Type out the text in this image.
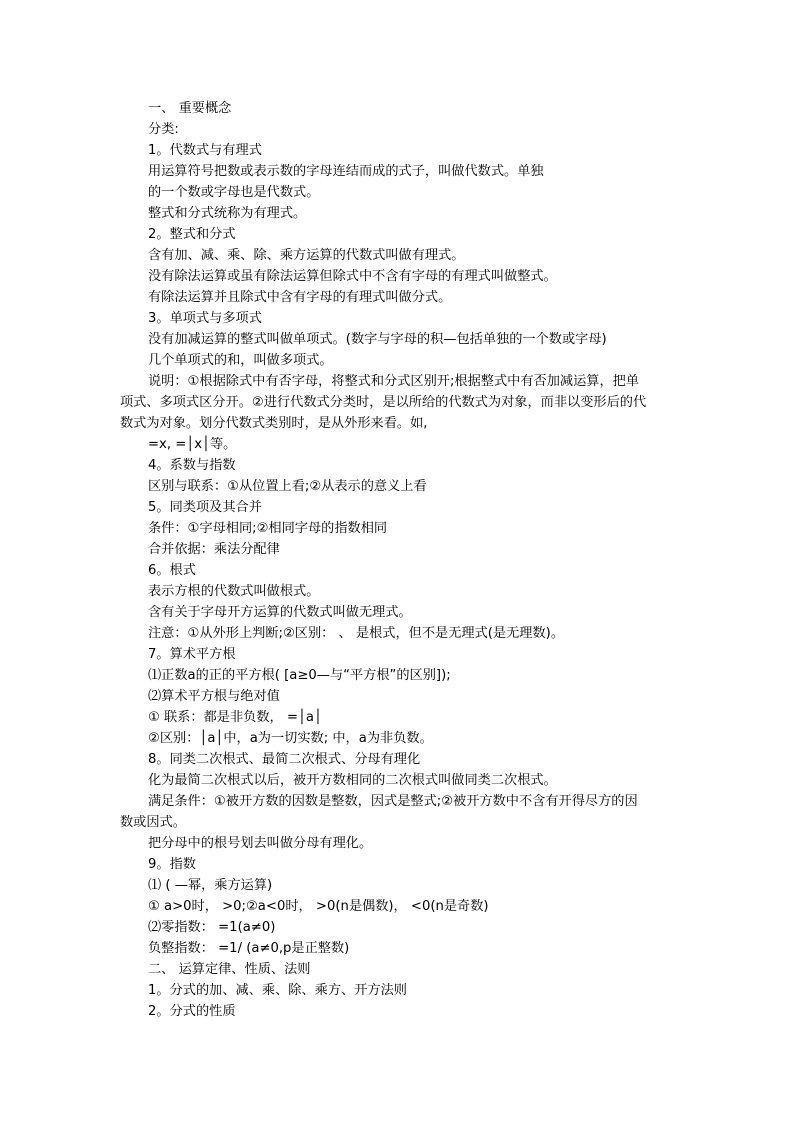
一、 重要概念
分类:
1。代数式与有理式
用运算符号把数或表示数的字母连结而成的式子，叫做代数式。单独
的一个数或字母也是代数式。
整式和分式统称为有理式。
2。整式和分式
含有加、减、乘、除、乘方运算的代数式叫做有理式。
没有除法运算或虽有除法运算但除式中不含有字母的有理式叫做整式。
有除法运算并且除式中含有字母的有理式叫做分式。
3。单项式与多项式
没有加减运算的整式叫做单项式。(数字与字母的积—包括单独的一个数或字母)
几个单项式的和，叫做多项式。
说明：①根据除式中有否字母，将整式和分式区别开;根据整式中有否加减运算，把单
项式、多项式区分开。②进行代数式分类时，是以所给的代数式为对象，而非以变形后的代
数式为对象。划分代数式类别时，是从外形来看。如,
=x, =│x│等。
4。系数与指数
区别与联系：①从位置上看;②从表示的意义上看
5。同类项及其合并
条件：①字母相同;②相同字母的指数相同
合并依据：乘法分配律
6。根式
表示方根的代数式叫做根式。
含有关于字母开方运算的代数式叫做无理式。
注意：①从外形上判断;②区别： 、 是根式，但不是无理式(是无理数)。
7。算术平方根
⑴正数a的正的平方根( [a≥0—与“平方根”的区别]);
⑵算术平方根与绝对值
① 联系：都是非负数， =│a│
②区别：│a│中，a为一切实数; 中，a为非负数。
8。同类二次根式、最简二次根式、分母有理化
化为最简二次根式以后，被开方数相同的二次根式叫做同类二次根式。
满足条件：①被开方数的因数是整数，因式是整式;②被开方数中不含有开得尽方的因
数或因式。
把分母中的根号划去叫做分母有理化。
9。指数
⑴ ( —幂，乘方运算)
① a>0时， >0;②a<0时， >0(n是偶数)， <0(n是奇数)
⑵零指数： =1(a≠0)
负整指数： =1/ (a≠0,p是正整数)
二、 运算定律、性质、法则
1。分式的加、减、乘、除、乘方、开方法则
2。分式的性质
